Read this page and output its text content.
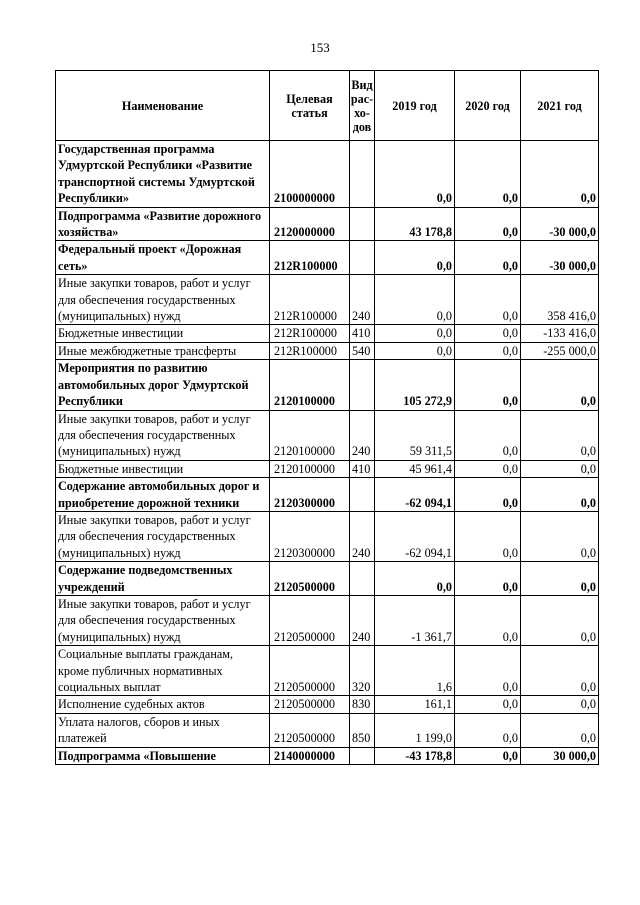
153
Наименование	Целевая статья	Вид рас-хо-дов	2019 год	2020 год	2021 год
Государственная программа Удмуртской Республики «Развитие транспортной системы Удмуртской Республики»	2100000000		0,0	0,0	0,0
Подпрограмма «Развитие дорожного хозяйства»	2120000000		43 178,8	0,0	-30 000,0
Федеральный проект «Дорожная сеть»	212R100000		0,0	0,0	-30 000,0
Иные закупки товаров, работ и услуг для обеспечения государственных (муниципальных) нужд	212R100000	240	0,0	0,0	358 416,0
Бюджетные инвестиции	212R100000	410	0,0	0,0	-133 416,0
Иные межбюджетные трансферты	212R100000	540	0,0	0,0	-255 000,0
Мероприятия по развитию автомобильных дорог Удмуртской Республики	2120100000		105 272,9	0,0	0,0
Иные закупки товаров, работ и услуг для обеспечения государственных (муниципальных) нужд	2120100000	240	59 311,5	0,0	0,0
Бюджетные инвестиции	2120100000	410	45 961,4	0,0	0,0
Содержание автомобильных дорог и приобретение дорожной техники	2120300000		-62 094,1	0,0	0,0
Иные закупки товаров, работ и услуг для обеспечения государственных (муниципальных) нужд	2120300000	240	-62 094,1	0,0	0,0
Содержание подведомственных учреждений	2120500000		0,0	0,0	0,0
Иные закупки товаров, работ и услуг для обеспечения государственных (муниципальных) нужд	2120500000	240	-1 361,7	0,0	0,0
Социальные выплаты гражданам, кроме публичных нормативных социальных выплат	2120500000	320	1,6	0,0	0,0
Исполнение судебных актов	2120500000	830	161,1	0,0	0,0
Уплата налогов, сборов и иных платежей	2120500000	850	1 199,0	0,0	0,0
Подпрограмма «Повышение	2140000000		-43 178,8	0,0	30 000,0
